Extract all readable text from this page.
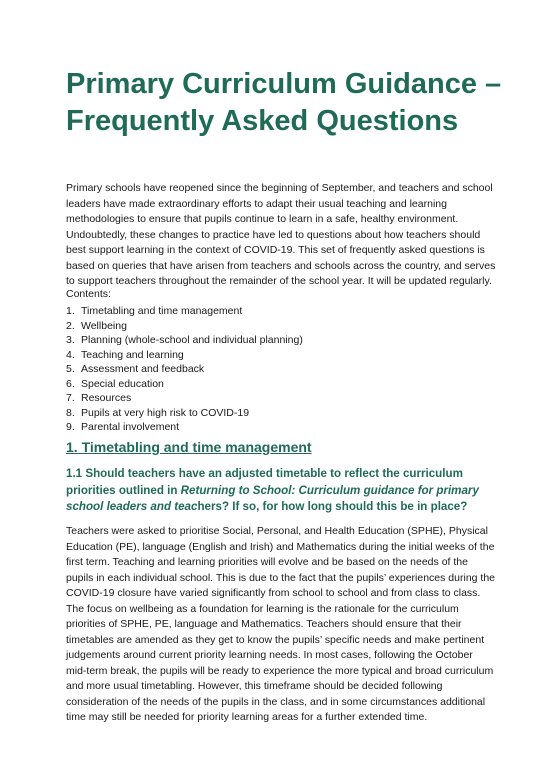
Primary Curriculum Guidance – Frequently Asked Questions

Primary schools have reopened since the beginning of September, and teachers and school leaders have made extraordinary efforts to adapt their usual teaching and learning methodologies to ensure that pupils continue to learn in a safe, healthy environment. Undoubtedly, these changes to practice have led to questions about how teachers should best support learning in the context of COVID-19. This set of frequently asked questions is based on queries that have arisen from teachers and schools across the country, and serves to support teachers throughout the remainder of the school year. It will be updated regularly.

Contents:

1. Timetabling and time management
2. Wellbeing
3. Planning (whole-school and individual planning)
4. Teaching and learning
5. Assessment and feedback
6. Special education
7. Resources
8. Pupils at very high risk to COVID-19
9. Parental involvement
1. Timetabling and time management
1.1 Should teachers have an adjusted timetable to reflect the curriculum priorities outlined in Returning to School: Curriculum guidance for primary school leaders and teachers? If so, for how long should this be in place?

Teachers were asked to prioritise Social, Personal, and Health Education (SPHE), Physical Education (PE), language (English and Irish) and Mathematics during the initial weeks of the first term. Teaching and learning priorities will evolve and be based on the needs of the pupils in each individual school. This is due to the fact that the pupils’ experiences during the COVID-19 closure have varied significantly from school to school and from class to class. The focus on wellbeing as a foundation for learning is the rationale for the curriculum priorities of SPHE, PE, language and Mathematics. Teachers should ensure that their timetables are amended as they get to know the pupils’ specific needs and make pertinent judgements around current priority learning needs. In most cases, following the October mid-term break, the pupils will be ready to experience the more typical and broad curriculum and more usual timetabling. However, this timeframe should be decided following consideration of the needs of the pupils in the class, and in some circumstances additional time may still be needed for priority learning areas for a further extended time.
